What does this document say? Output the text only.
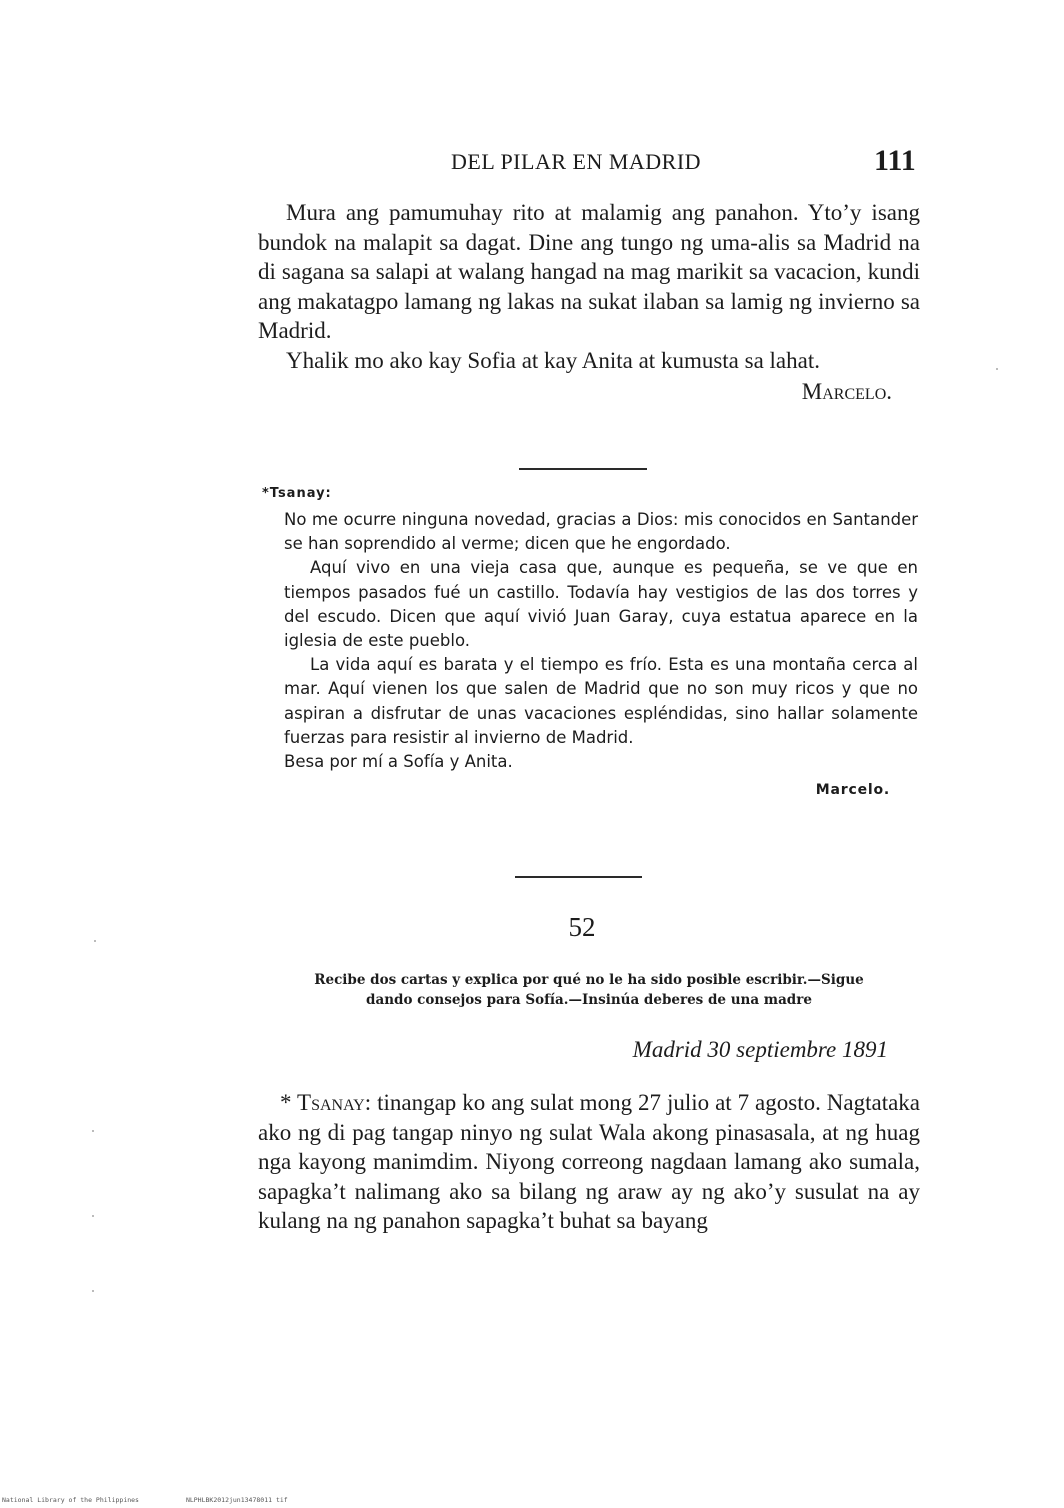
DEL PILAR EN MADRID	111

Mura ang pamumuhay rito at malamig ang panahon. Yto’y isang bundok na malapit sa dagat. Dine ang tungo ng uma-alis sa Madrid na di sagana sa salapi at walang hangad na mag marikit sa vacacion, kundi ang makatagpo lamang ng lakas na sukat ilaban sa lamig ng invierno sa Madrid.

Yhalik mo ako kay Sofia at kay Anita at kumusta sa lahat.

Marcelo.
*Tsanay:

No me ocurre ninguna novedad, gracias a Dios: mis conocidos en Santander se han soprendido al verme; dicen que he engordado.

Aquí vivo en una vieja casa que, aunque es pequeña, se ve que en tiempos pasados fué un castillo. Todavía hay vestigios de las dos torres y del escudo. Dicen que aquí vivió Juan Garay, cuya estatua aparece en la iglesia de este pueblo.

La vida aquí es barata y el tiempo es frío. Esta es una montaña cerca al mar. Aquí vienen los que salen de Madrid que no son muy ricos y que no aspiran a disfrutar de unas vacaciones espléndidas, sino hallar solamente fuerzas para resistir al invierno de Madrid.

Besa por mí a Sofía y Anita.

Marcelo.
52
Recibe dos cartas y explica por qué no le ha sido posible escribir.—Sigue
dando consejos para Sofía.—Insinúa deberes de una madre
Madrid 30 septiembre 1891

* Tsanay: tinangap ko ang sulat mong 27 julio at 7 agosto. Nagtataka ako ng di pag tangap ninyo ng sulat Wala akong pinasasala, at ng huag nga kayong manimdim. Niyong correong nagdaan lamang ako sumala, sapagka’t nalimang ako sa bilang ng araw ay ng ako’y susulat na ay kulang na ng panahon sapagka’t buhat sa bayang

National Library of the Philippines	NLPHLBK2012jun13478011 tif
